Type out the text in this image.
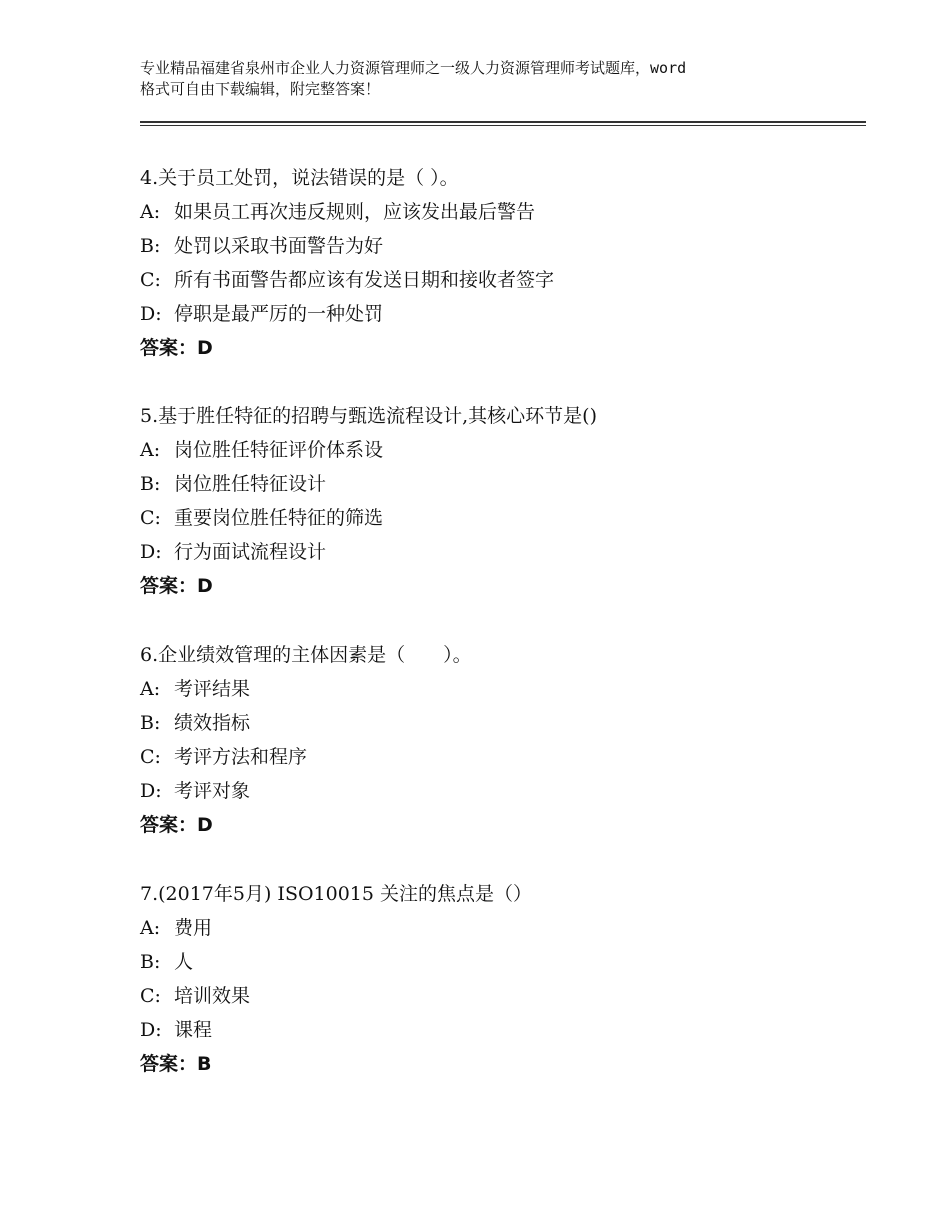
专业精品福建省泉州市企业人力资源管理师之一级人力资源管理师考试题库，word
格式可自由下载编辑，附完整答案！
4.关于员工处罚，说法错误的是（ ）。
A: 如果员工再次违反规则，应该发出最后警告
B: 处罚以采取书面警告为好
C: 所有书面警告都应该有发送日期和接收者签字
D: 停职是最严厉的一种处罚
答案：D
5.基于胜任特征的招聘与甄选流程设计,其核心环节是()
A: 岗位胜任特征评价体系设
B: 岗位胜任特征设计
C: 重要岗位胜任特征的筛选
D: 行为面试流程设计
答案：D
6.企业绩效管理的主体因素是（　　）。
A: 考评结果
B: 绩效指标
C: 考评方法和程序
D: 考评对象
答案：D
7.(2017年5月) ISO10015 关注的焦点是（）
A: 费用
B: 人
C: 培训效果
D: 课程
答案：B
